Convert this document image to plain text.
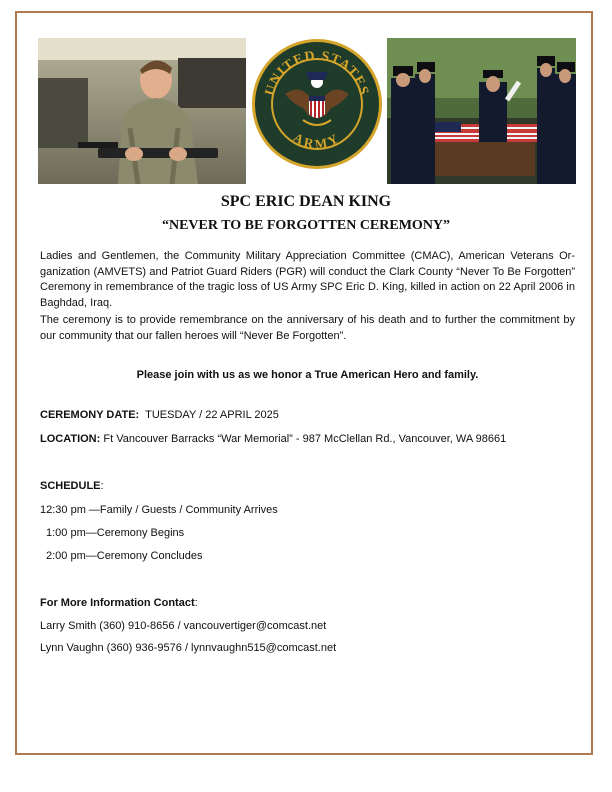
UNITED STATES
ARMY
SPC ERIC DEAN KING
“NEVER TO BE FORGOTTEN CEREMONY”

Ladies and Gentlemen, the Community Military Appreciation Committee (CMAC), American Veterans Or-ganization (AMVETS) and Patriot Guard Riders (PGR) will conduct the Clark County “Never To Be Forgotten” Ceremony in remembrance of the tragic loss of US Army SPC Eric D. King, killed in action on 22 April 2006 in Baghdad, Iraq.

The ceremony is to provide remembrance on the anniversary of his death and to further the commitment by our community that our fallen heroes will “Never Be Forgotten”.

Please join with us as we honor a True American Hero and family.

CEREMONY DATE: TUESDAY / 22 APRIL 2025

LOCATION: Ft Vancouver Barracks “War Memorial” - 987 McClellan Rd., Vancouver, WA 98661

SCHEDULE:

12:30 pm —Family / Guests / Community Arrives

1:00 pm—Ceremony Begins

2:00 pm—Ceremony Concludes

For More Information Contact:

Larry Smith (360) 910-8656 / vancouvertiger@comcast.net

Lynn Vaughn (360) 936-9576 / lynnvaughn515@comcast.net
